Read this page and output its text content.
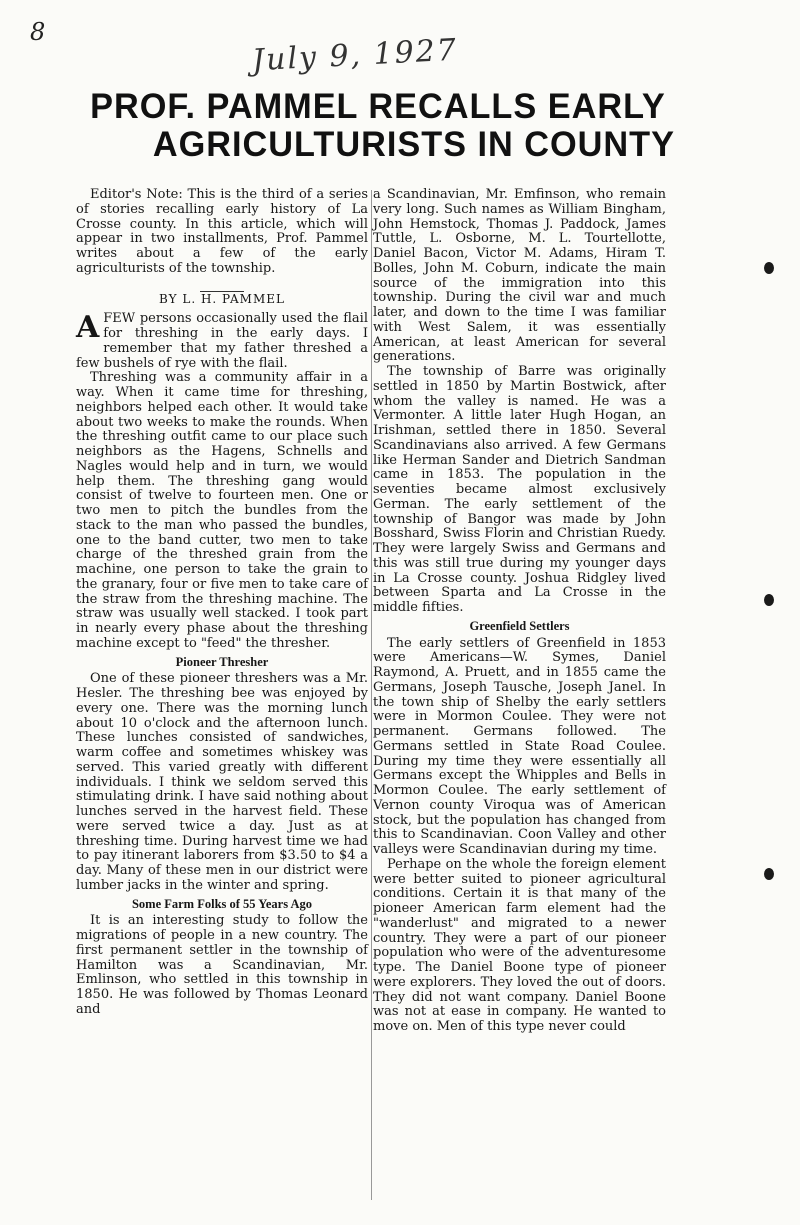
8
July 9, 1927
PROF. PAMMEL RECALLS EARLY
AGRICULTURISTS IN COUNTY

Editor's Note: This is the third of a series of stories recalling early history of La Crosse county. In this article, which will appear in two installments, Prof. Pammel writes about a few of the early agriculturists of the township.

BY L. H. PAMMEL

AFEW persons occasionally used the flail for threshing in the early days. I remember that my father threshed a few bushels of rye with the flail.

Threshing was a community affair in a way. When it came time for threshing, neighbors helped each other. It would take about two weeks to make the rounds. When the threshing outfit came to our place such neighbors as the Hagens, Schnells and Nagles would help and in turn, we would help them. The threshing gang would consist of twelve to fourteen men. One or two men to pitch the bundles from the stack to the man who passed the bundles, one to the band cutter, two men to take charge of the threshed grain from the machine, one person to take the grain to the granary, four or five men to take care of the straw from the threshing machine. The straw was usually well stacked. I took part in nearly every phase about the threshing machine except to "feed" the thresher.

Pioneer Thresher

One of these pioneer threshers was a Mr. Hesler. The threshing bee was enjoyed by every one. There was the morning lunch about 10 o'clock and the afternoon lunch. These lunches consisted of sandwiches, warm coffee and sometimes whiskey was served. This varied greatly with different individuals. I think we seldom served this stimulating drink. I have said nothing about lunches served in the harvest field. These were served twice a day. Just as at threshing time. During harvest time we had to pay itinerant laborers from $3.50 to $4 a day. Many of these men in our district were lumber jacks in the winter and spring.

Some Farm Folks of 55 Years Ago

It is an interesting study to follow the migrations of people in a new country. The first permanent settler in the township of Hamilton was a Scandinavian, Mr. Emlinson, who settled in this township in 1850. He was followed by Thomas Leonard and

a Scandinavian, Mr. Emfinson, who remain very long. Such names as William Bingham, John Hemstock, Thomas J. Paddock, James Tuttle, L. Osborne, M. L. Tourtellotte, Daniel Bacon, Victor M. Adams, Hiram T. Bolles, John M. Coburn, indicate the main source of the immigration into this township. During the civil war and much later, and down to the time I was familiar with West Salem, it was essentially American, at least American for several generations.

The township of Barre was originally settled in 1850 by Martin Bostwick, after whom the valley is named. He was a Vermonter. A little later Hugh Hogan, an Irishman, settled there in 1850. Several Scandinavians also arrived. A few Germans like Herman Sander and Dietrich Sandman came in 1853. The population in the seventies became almost exclusively German. The early settlement of the township of Bangor was made by John Bosshard, Swiss Florin and Christian Ruedy. They were largely Swiss and Germans and this was still true during my younger days in La Crosse county. Joshua Ridgley lived between Sparta and La Crosse in the middle fifties.

Greenfield Settlers

The early settlers of Greenfield in 1853 were Americans—W. Symes, Daniel Raymond, A. Pruett, and in 1855 came the Germans, Joseph Tausche, Joseph Janel. In the town ship of Shelby the early settlers were in Mormon Coulee. They were not permanent. Germans followed. The Germans settled in State Road Coulee. During my time they were essentially all Germans except the Whipples and Bells in Mormon Coulee. The early settlement of Vernon county Viroqua was of American stock, but the population has changed from this to Scandinavian. Coon Valley and other valleys were Scandinavian during my time.

Perhape on the whole the foreign element were better suited to pioneer agricultural conditions. Certain it is that many of the pioneer American farm element had the "wanderlust" and migrated to a newer country. They were a part of our pioneer population who were of the adventuresome type. The Daniel Boone type of pioneer were explorers. They loved the out of doors. They did not want company. Daniel Boone was not at ease in company. He wanted to move on. Men of this type never could
